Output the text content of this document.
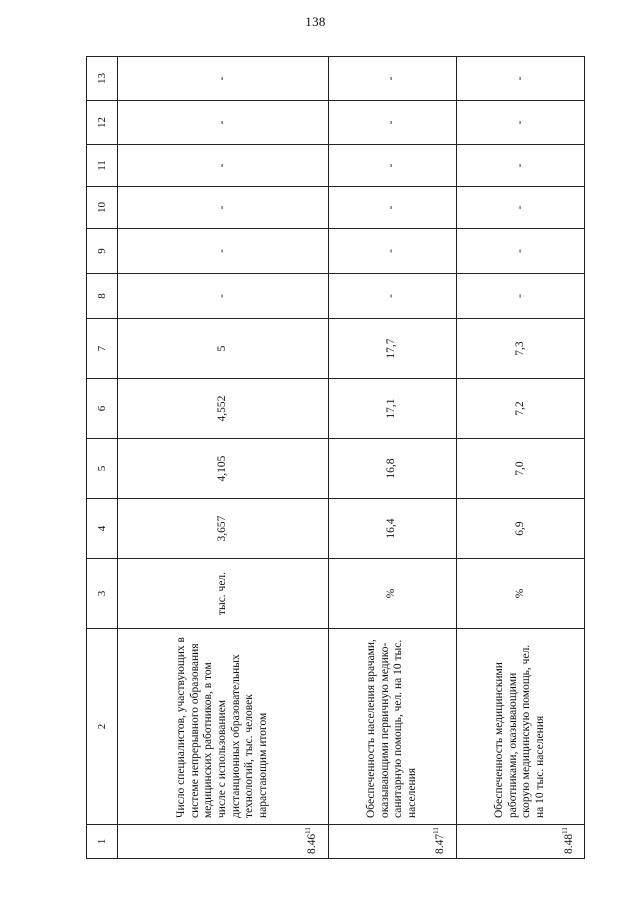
138
1	2	3	4	5	6	7	8	9	10	11	12	13
8.46$^{11}$	Число специалистов, участвующих в системе непрерывного образования медицинских работников, в том числе с использованием дистанционных образовательных технологий, тыс. человек нарастающим итогом	тыс. чел.	3,657	4,105	4,552	5	-	-	-	-	-	-
8.47$^{11}$	Обеспеченность населения врачами, оказывающими первичную медико-санитарную помощь, чел. на 10 тыс. населения	%	16,4	16,8	17,1	17,7	-	-	-	-	-	-
8.48$^{11}$	Обеспеченность медицинскими работниками, оказывающими скорую медицинскую помощь, чел. на 10 тыс. населения	%	6,9	7,0	7,2	7,3	-	-	-	-	-	-
